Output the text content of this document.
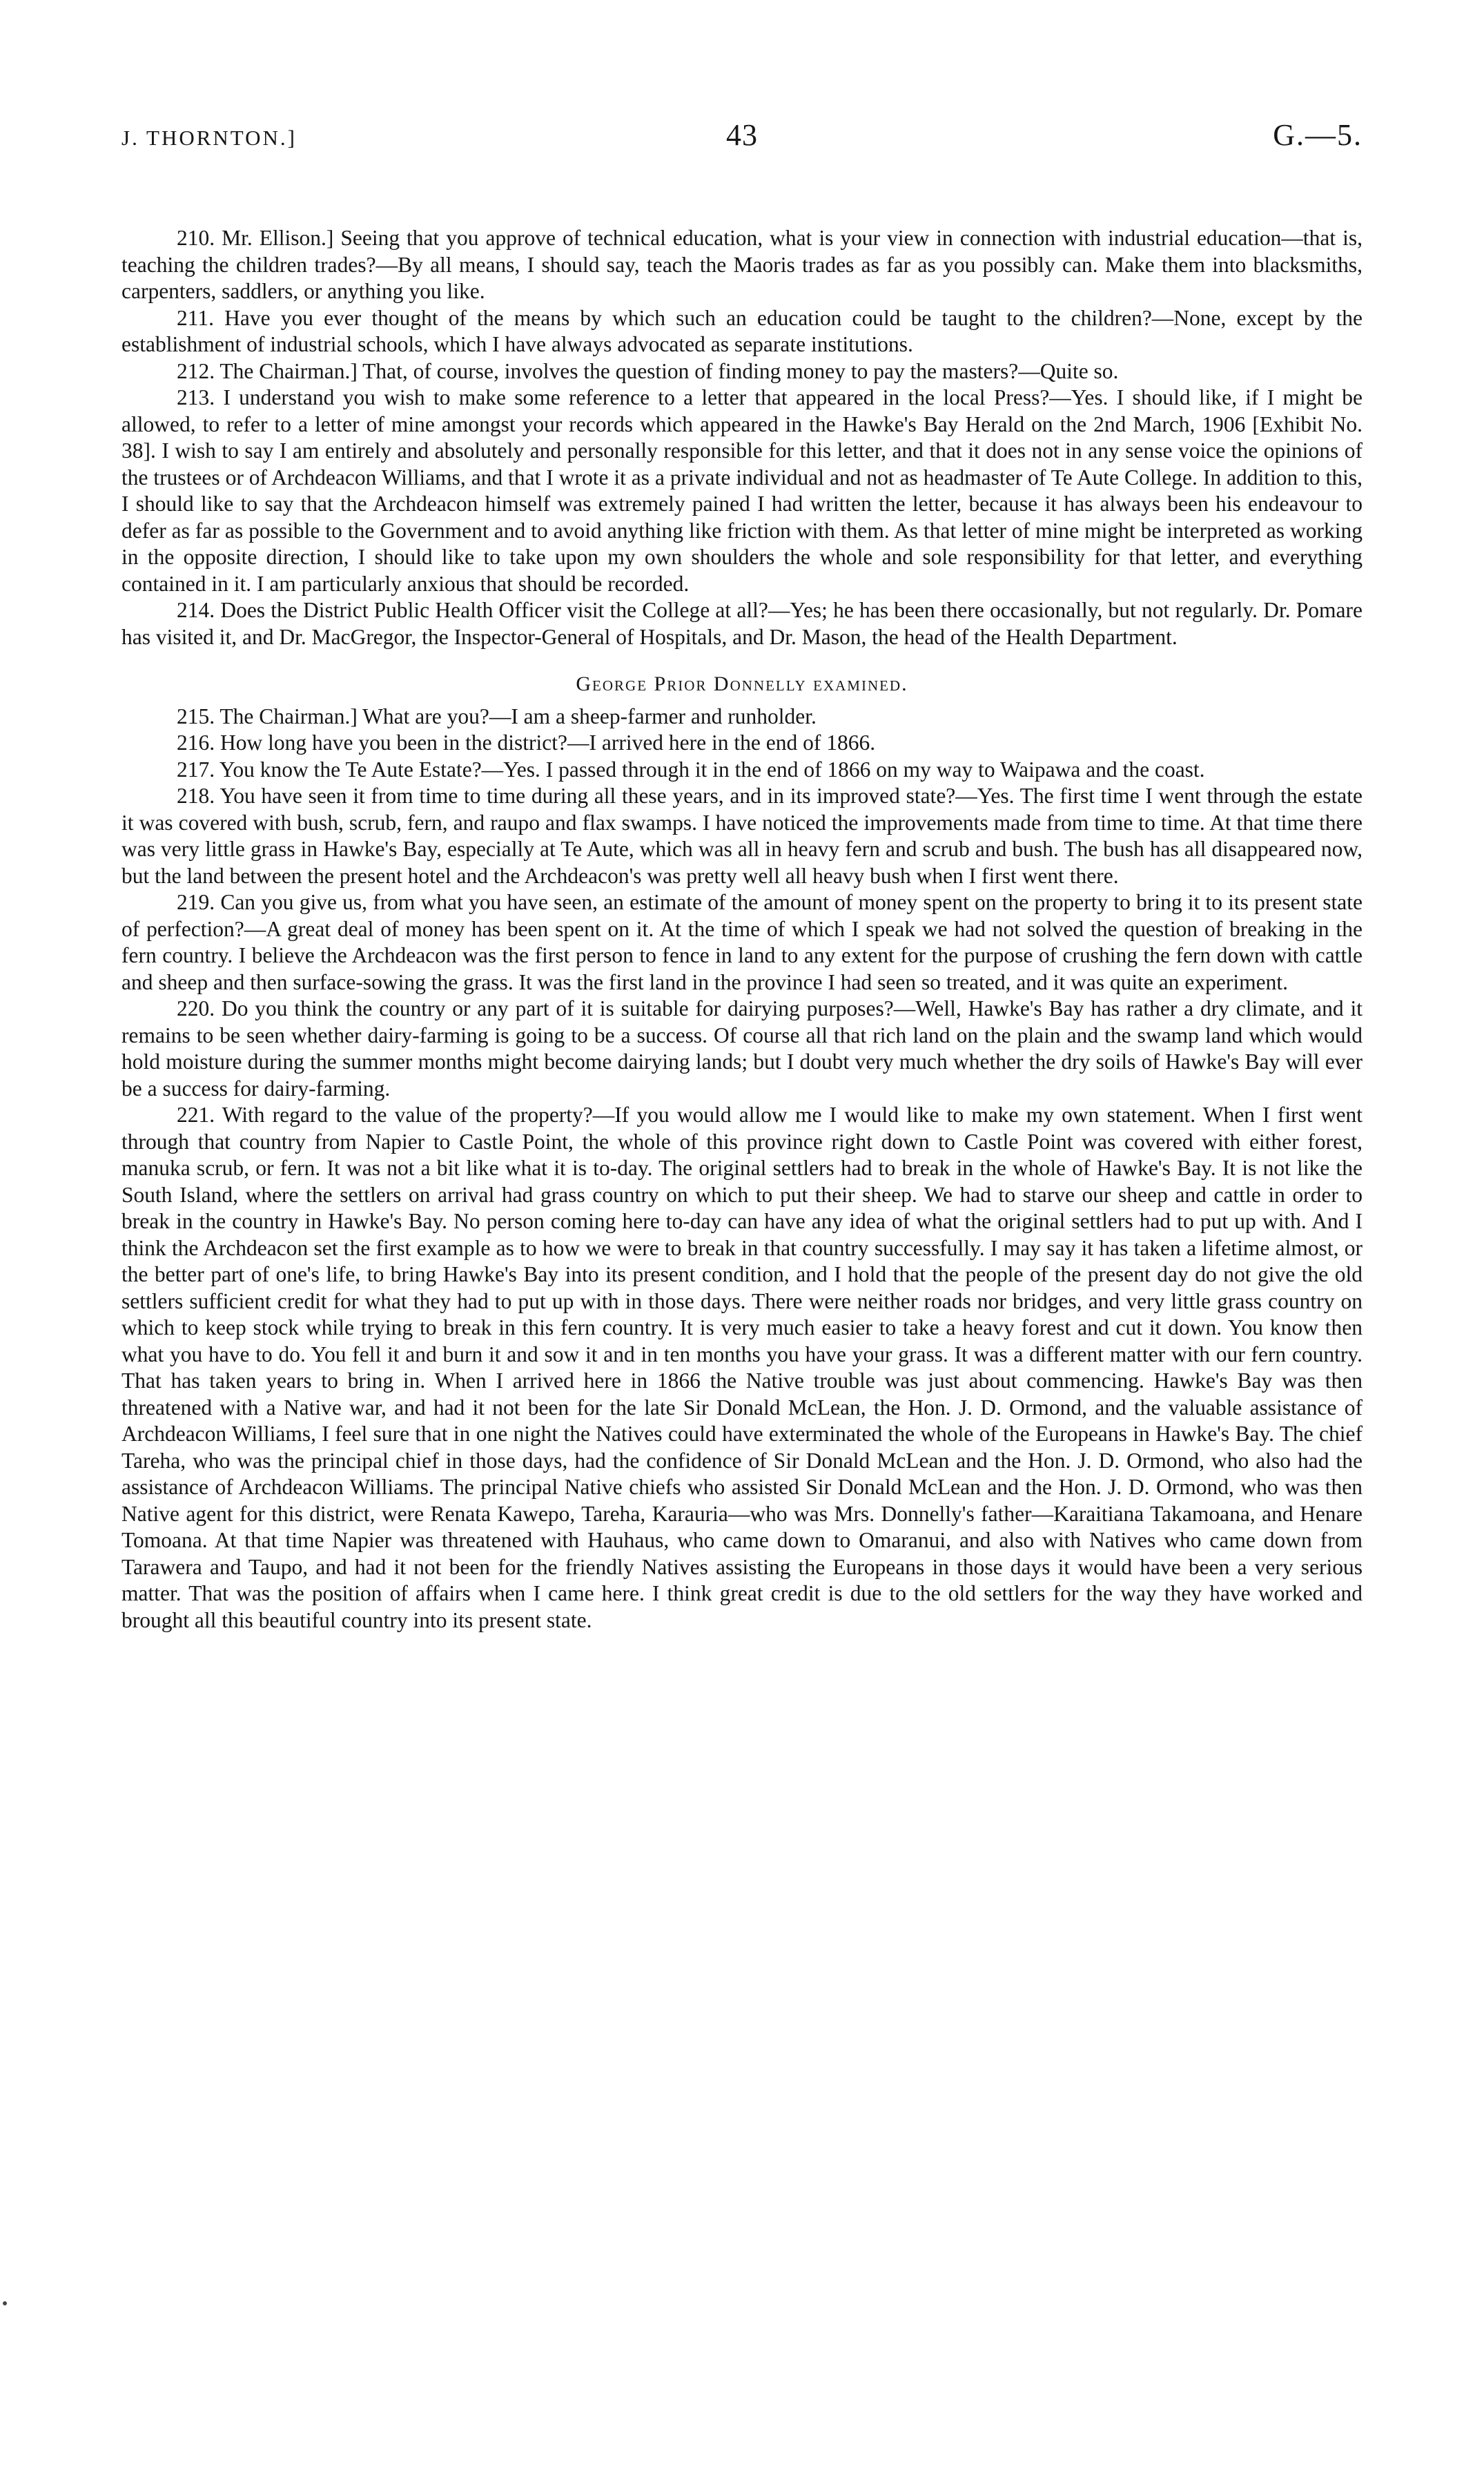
J. THORNTON.]	43	G.—5.

210. Mr. Ellison.] Seeing that you approve of technical education, what is your view in connection with industrial education—that is, teaching the children trades?—By all means, I should say, teach the Maoris trades as far as you possibly can. Make them into blacksmiths, carpenters, saddlers, or anything you like.

211. Have you ever thought of the means by which such an education could be taught to the children?—None, except by the establishment of industrial schools, which I have always advocated as separate institutions.

212. The Chairman.] That, of course, involves the question of finding money to pay the masters?—Quite so.

213. I understand you wish to make some reference to a letter that appeared in the local Press?—Yes. I should like, if I might be allowed, to refer to a letter of mine amongst your records which appeared in the Hawke's Bay Herald on the 2nd March, 1906 [Exhibit No. 38]. I wish to say I am entirely and absolutely and personally responsible for this letter, and that it does not in any sense voice the opinions of the trustees or of Archdeacon Williams, and that I wrote it as a private individual and not as headmaster of Te Aute College. In addition to this, I should like to say that the Archdeacon himself was extremely pained I had written the letter, because it has always been his endeavour to defer as far as possible to the Government and to avoid anything like friction with them. As that letter of mine might be interpreted as working in the opposite direction, I should like to take upon my own shoulders the whole and sole responsibility for that letter, and everything contained in it. I am particularly anxious that should be recorded.

214. Does the District Public Health Officer visit the College at all?—Yes; he has been there occasionally, but not regularly. Dr. Pomare has visited it, and Dr. MacGregor, the Inspector-General of Hospitals, and Dr. Mason, the head of the Health Department.

George Prior Donnelly examined.

215. The Chairman.] What are you?—I am a sheep-farmer and runholder.

216. How long have you been in the district?—I arrived here in the end of 1866.

217. You know the Te Aute Estate?—Yes. I passed through it in the end of 1866 on my way to Waipawa and the coast.

218. You have seen it from time to time during all these years, and in its improved state?—Yes. The first time I went through the estate it was covered with bush, scrub, fern, and raupo and flax swamps. I have noticed the improvements made from time to time. At that time there was very little grass in Hawke's Bay, especially at Te Aute, which was all in heavy fern and scrub and bush. The bush has all disappeared now, but the land between the present hotel and the Archdeacon's was pretty well all heavy bush when I first went there.

219. Can you give us, from what you have seen, an estimate of the amount of money spent on the property to bring it to its present state of perfection?—A great deal of money has been spent on it. At the time of which I speak we had not solved the question of breaking in the fern country. I believe the Archdeacon was the first person to fence in land to any extent for the purpose of crushing the fern down with cattle and sheep and then surface-sowing the grass. It was the first land in the province I had seen so treated, and it was quite an experiment.

220. Do you think the country or any part of it is suitable for dairying purposes?—Well, Hawke's Bay has rather a dry climate, and it remains to be seen whether dairy-farming is going to be a success. Of course all that rich land on the plain and the swamp land which would hold moisture during the summer months might become dairying lands; but I doubt very much whether the dry soils of Hawke's Bay will ever be a success for dairy-farming.

221. With regard to the value of the property?—If you would allow me I would like to make my own statement. When I first went through that country from Napier to Castle Point, the whole of this province right down to Castle Point was covered with either forest, manuka scrub, or fern. It was not a bit like what it is to-day. The original settlers had to break in the whole of Hawke's Bay. It is not like the South Island, where the settlers on arrival had grass country on which to put their sheep. We had to starve our sheep and cattle in order to break in the country in Hawke's Bay. No person coming here to-day can have any idea of what the original settlers had to put up with. And I think the Archdeacon set the first example as to how we were to break in that country successfully. I may say it has taken a lifetime almost, or the better part of one's life, to bring Hawke's Bay into its present condition, and I hold that the people of the present day do not give the old settlers sufficient credit for what they had to put up with in those days. There were neither roads nor bridges, and very little grass country on which to keep stock while trying to break in this fern country. It is very much easier to take a heavy forest and cut it down. You know then what you have to do. You fell it and burn it and sow it and in ten months you have your grass. It was a different matter with our fern country. That has taken years to bring in. When I arrived here in 1866 the Native trouble was just about commencing. Hawke's Bay was then threatened with a Native war, and had it not been for the late Sir Donald McLean, the Hon. J. D. Ormond, and the valuable assistance of Archdeacon Williams, I feel sure that in one night the Natives could have exterminated the whole of the Europeans in Hawke's Bay. The chief Tareha, who was the principal chief in those days, had the confidence of Sir Donald McLean and the Hon. J. D. Ormond, who also had the assistance of Archdeacon Williams. The principal Native chiefs who assisted Sir Donald McLean and the Hon. J. D. Ormond, who was then Native agent for this district, were Renata Kawepo, Tareha, Karauria—who was Mrs. Donnelly's father—Karaitiana Takamoana, and Henare Tomoana. At that time Napier was threatened with Hauhaus, who came down to Omaranui, and also with Natives who came down from Tarawera and Taupo, and had it not been for the friendly Natives assisting the Europeans in those days it would have been a very serious matter. That was the position of affairs when I came here. I think great credit is due to the old settlers for the way they have worked and brought all this beautiful country into its present state.
